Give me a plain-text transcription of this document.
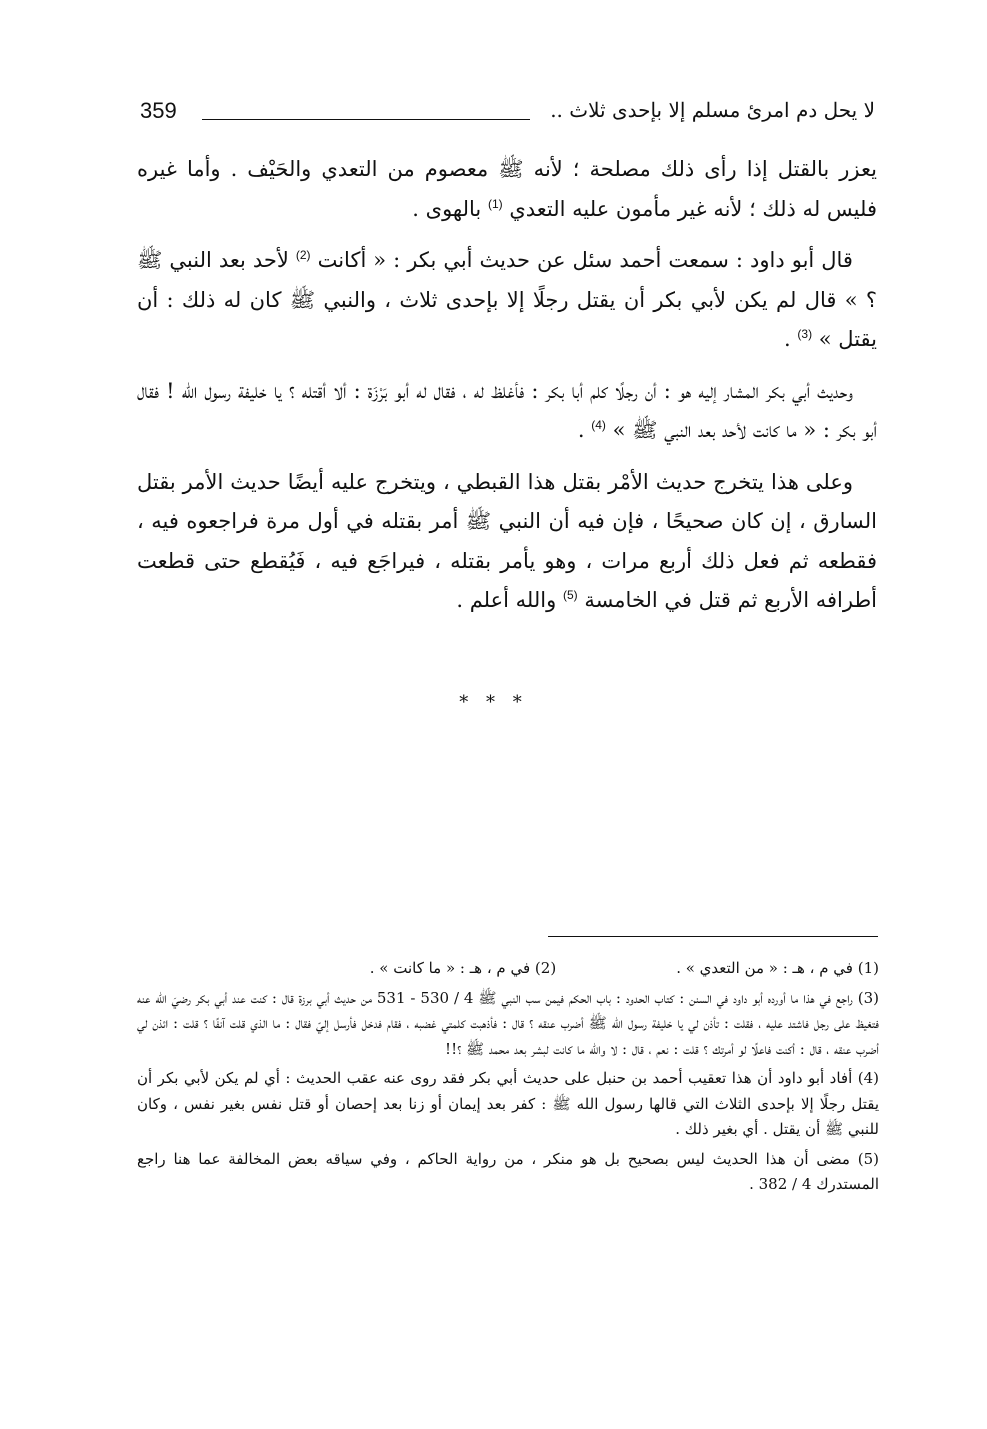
لا يحل دم امرئ مسلم إلا بإحدى ثلاث ..
359

يعزر بالقتل إذا رأى ذلك مصلحة ؛ لأنه ﷺ معصوم من التعدي والحَيْف . وأما غيره فليس له ذلك ؛ لأنه غير مأمون عليه التعدي $^{(1)}$ بالهوى .

قال أبو داود : سمعت أحمد سئل عن حديث أبي بكر : « أكانت $^{(2)}$ لأحد بعد النبي ﷺ ؟ » قال لم يكن لأبي بكر أن يقتل رجلًا إلا بإحدى ثلاث ، والنبي ﷺ كان له ذلك : أن يقتل » $^{(3)}$ .

وحديث أبي بكر المشار إليه هو : أن رجلًا كلم أبا بكر : فأغلظ له ، فقال له أبو بَرْزَة : ألا أقتله ؟ يا خليفة رسول الله ! فقال أبو بكر : « ما كانت لأحد بعد النبي ﷺ » $^{(4)}$ .

وعلى هذا يتخرج حديث الأمْر بقتل هذا القبطي ، ويتخرج عليه أيضًا حديث الأمر بقتل السارق ، إن كان صحيحًا ، فإن فيه أن النبي ﷺ أمر بقتله في أول مرة فراجعوه فيه ، فقطعه ثم فعل ذلك أربع مرات ، وهو يأمر بقتله ، فيراجَع فيه ، فَيُقطع حتى قطعت أطرافه الأربع ثم قتل في الخامسة $^{(5)}$ والله أعلم .

* * *
(1) في م ، هـ : « من التعدي » .
(2) في م ، هـ : « ما كانت » .

(3) راجع في هذا ما أورده أبو داود في السنن : كتاب الحدود : باب الحكم فيمن سب النبي ﷺ 4 / 530 - 531 من حديث أبي برزة قال : كنت عند أبي بكر رضيَ الله عنه فتغيظ على رجل فاشتد عليه ، فقلت : تأذن لي يا خليفة رسول الله ﷺ أضرب عنقه ؟ قال : فأذهبت كلمتي غضبه ، فقام فدخل فأرسل إليّ فقال : ما الذي قلت آنفًا ؟ قلت : ائذن لي أضرب عنقه ، قال : أكنت فاعلًا لو أمرتك ؟ قلت : نعم ، قال : لا والله ما كانت لبشر بعد محمد ﷺ ؟!!

(4) أفاد أبو داود أن هذا تعقيب أحمد بن حنبل على حديث أبي بكر فقد روى عنه عقب الحديث : أي لم يكن لأبي بكر أن يقتل رجلًا إلا بإحدى الثلاث التي قالها رسول الله ﷺ : كفر بعد إيمان أو زنا بعد إحصان أو قتل نفس بغير نفس ، وكان للنبي ﷺ أن يقتل . أي بغير ذلك .

(5) مضى أن هذا الحديث ليس بصحيح بل هو منكر ، من رواية الحاكم ، وفي سياقه بعض المخالفة عما هنا راجع المستدرك 4 / 382 .
